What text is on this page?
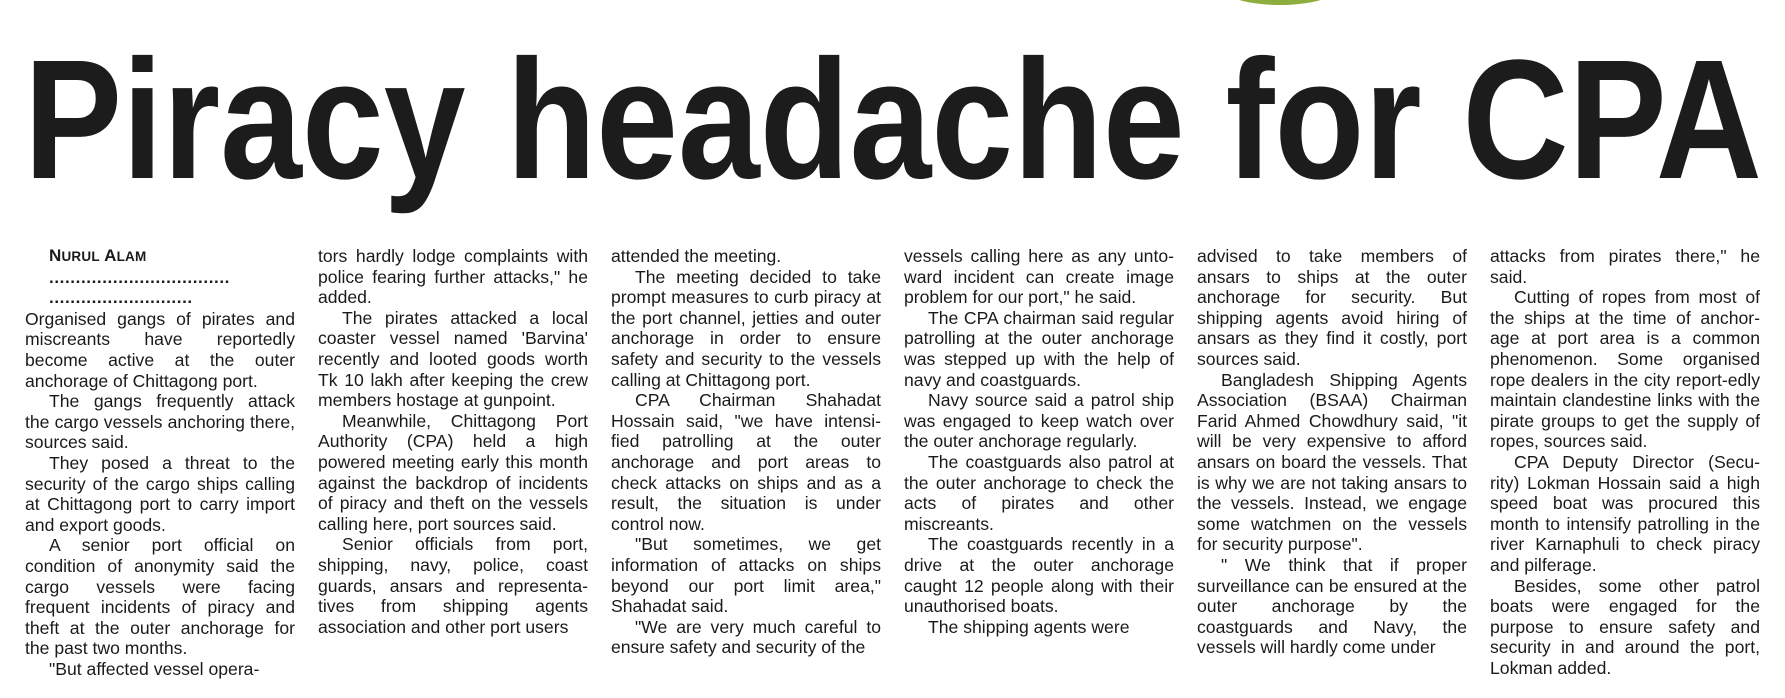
Piracy headache for CPA

NURUL ALAM

..................................

...........................

Organised gangs of pirates and miscreants have reportedly become active at the outer anchorage of Chittagong port.

The gangs frequently attack the cargo vessels anchoring there, sources said.

They posed a threat to the security of the cargo ships calling at Chittagong port to carry import and export goods.

A senior port official on condition of anonymity said the cargo vessels were facing frequent incidents of piracy and theft at the outer anchorage for the past two months.

"But affected vessel opera-

tors hardly lodge complaints with police fearing further attacks," he added.

The pirates attacked a local coaster vessel named 'Barvina' recently and looted goods worth Tk 10 lakh after keeping the crew members hostage at gunpoint.

Meanwhile, Chittagong Port Authority (CPA) held a high powered meeting early this month against the backdrop of incidents of piracy and theft on the vessels calling here, port sources said.

Senior officials from port, shipping, navy, police, coast guards, ansars and representa-tives from shipping agents association and other port users

attended the meeting.

The meeting decided to take prompt measures to curb piracy at the port channel, jetties and outer anchorage in order to ensure safety and security to the vessels calling at Chittagong port.

CPA Chairman Shahadat Hossain said, "we have intensi-fied patrolling at the outer anchorage and port areas to check attacks on ships and as a result, the situation is under control now.

"But sometimes, we get information of attacks on ships beyond our port limit area," Shahadat said.

"We are very much careful to ensure safety and security of the

vessels calling here as any unto-ward incident can create image problem for our port," he said.

The CPA chairman said regular patrolling at the outer anchorage was stepped up with the help of navy and coastguards.

Navy source said a patrol ship was engaged to keep watch over the outer anchorage regularly.

The coastguards also patrol at the outer anchorage to check the acts of pirates and other miscreants.

The coastguards recently in a drive at the outer anchorage caught 12 people along with their unauthorised boats.

The shipping agents were

advised to take members of ansars to ships at the outer anchorage for security. But shipping agents avoid hiring of ansars as they find it costly, port sources said.

Bangladesh Shipping Agents Association (BSAA) Chairman Farid Ahmed Chowdhury said, "it will be very expensive to afford ansars on board the vessels. That is why we are not taking ansars to the vessels. Instead, we engage some watchmen on the vessels for security purpose".

" We think that if proper surveillance can be ensured at the outer anchorage by the coastguards and Navy, the vessels will hardly come under

attacks from pirates there," he said.

Cutting of ropes from most of the ships at the time of anchor-age at port area is a common phenomenon. Some organised rope dealers in the city report-edly maintain clandestine links with the pirate groups to get the supply of ropes, sources said.

CPA Deputy Director (Secu-rity) Lokman Hossain said a high speed boat was procured this month to intensify patrolling in the river Karnaphuli to check piracy and pilferage.

Besides, some other patrol boats were engaged for the purpose to ensure safety and security in and around the port, Lokman added.
